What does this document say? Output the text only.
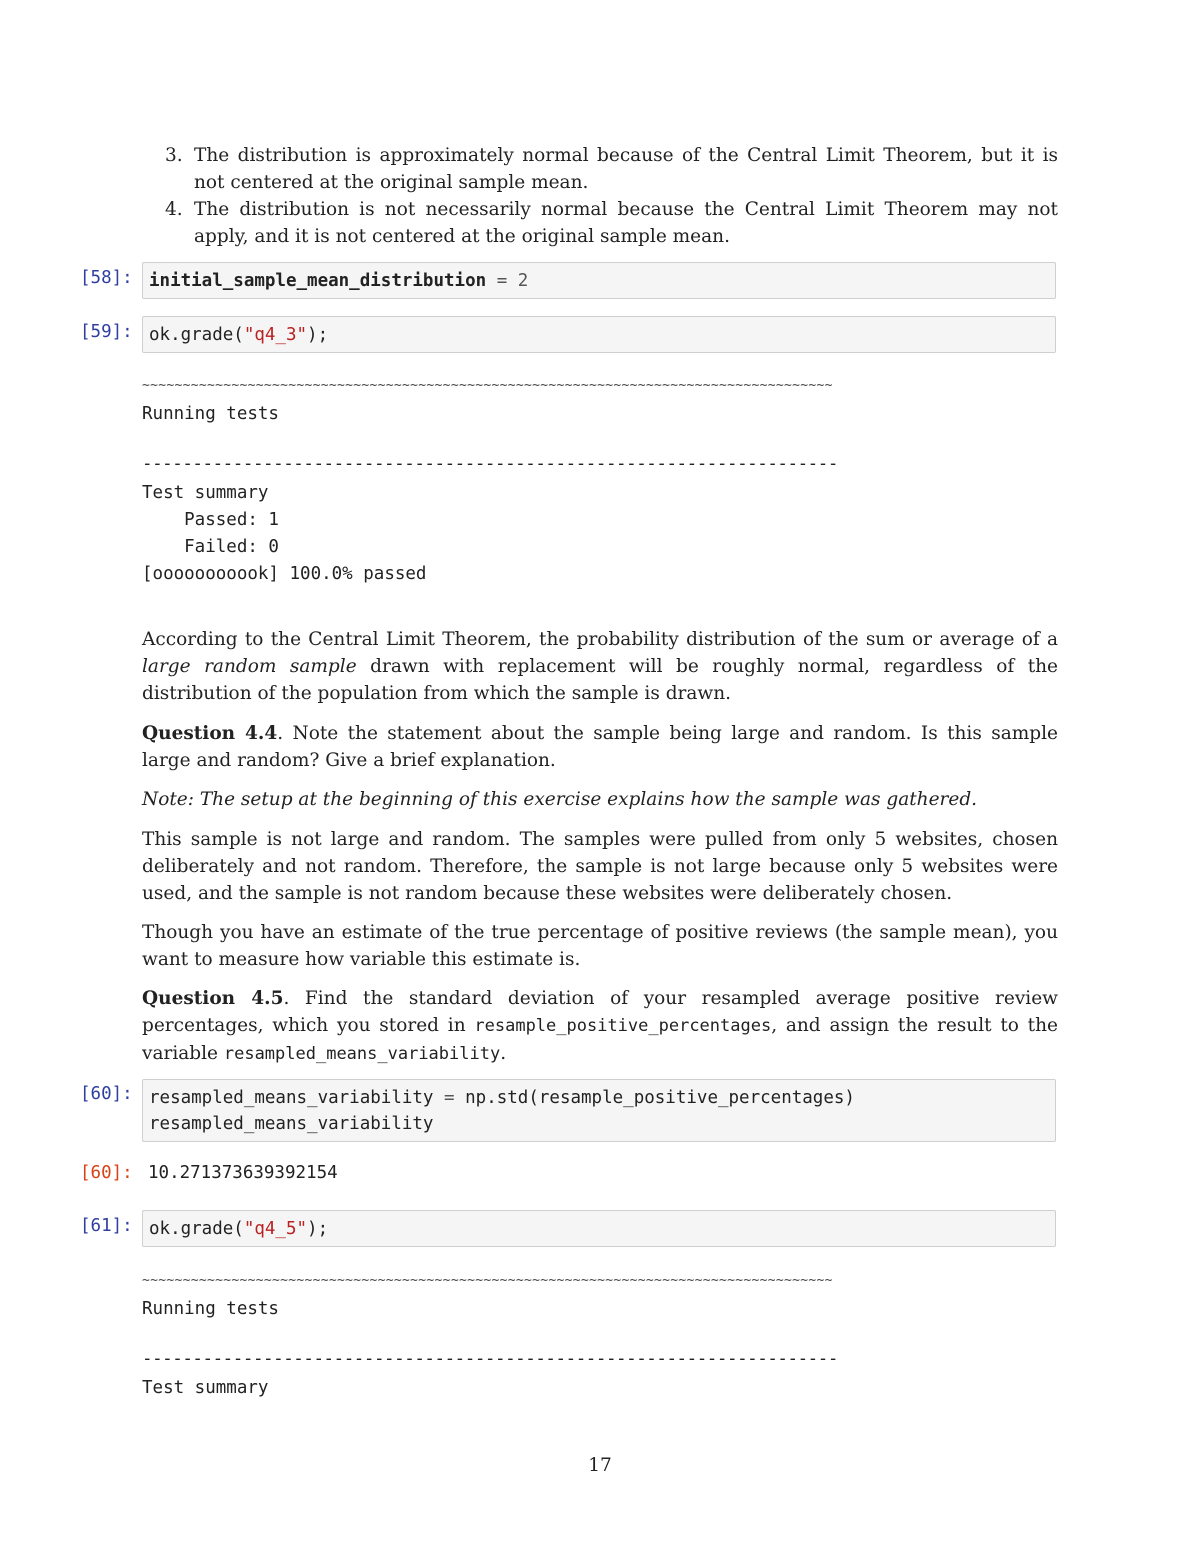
3. The distribution is approximately normal because of the Central Limit Theorem, but it is not centered at the original sample mean.
4. The distribution is not necessarily normal because the Central Limit Theorem may not apply, and it is not centered at the original sample mean.
[58]: initial_sample_mean_distribution = 2
[59]: ok.grade("q4_3");
~~~~~~~~~~~~~~~~~~~~~~~~~~~~~~~~~~~~~~~~~~~~~~~~~~~~~~~~~~~~~~~~~~~~~~~~~~~~~~~~~~~~~
Running tests
---------------------------------------------------------------------
Test summary
Passed: 1
Failed: 0
[ooooooooook] 100.0% passed
According to the Central Limit Theorem, the probability distribution of the sum or average of a large random sample drawn with replacement will be roughly normal, regardless of the distribution of the population from which the sample is drawn.
Question 4.4. Note the statement about the sample being large and random. Is this sample large and random? Give a brief explanation.
Note: The setup at the beginning of this exercise explains how the sample was gathered.
This sample is not large and random. The samples were pulled from only 5 websites, chosen deliberately and not random. Therefore, the sample is not large because only 5 websites were used, and the sample is not random because these websites were deliberately chosen.
Though you have an estimate of the true percentage of positive reviews (the sample mean), you want to measure how variable this estimate is.
Question 4.5. Find the standard deviation of your resampled average positive review percentages, which you stored in resample_positive_percentages, and assign the result to the variable resampled_means_variability.
[60]: resampled_means_variability = np.std(resample_positive_percentages)
resampled_means_variability
[60]: 10.271373639392154
[61]: ok.grade("q4_5");
~~~~~~~~~~~~~~~~~~~~~~~~~~~~~~~~~~~~~~~~~~~~~~~~~~~~~~~~~~~~~~~~~~~~~~~~~~~~~~~~~~~~~
Running tests
---------------------------------------------------------------------
Test summary
17
